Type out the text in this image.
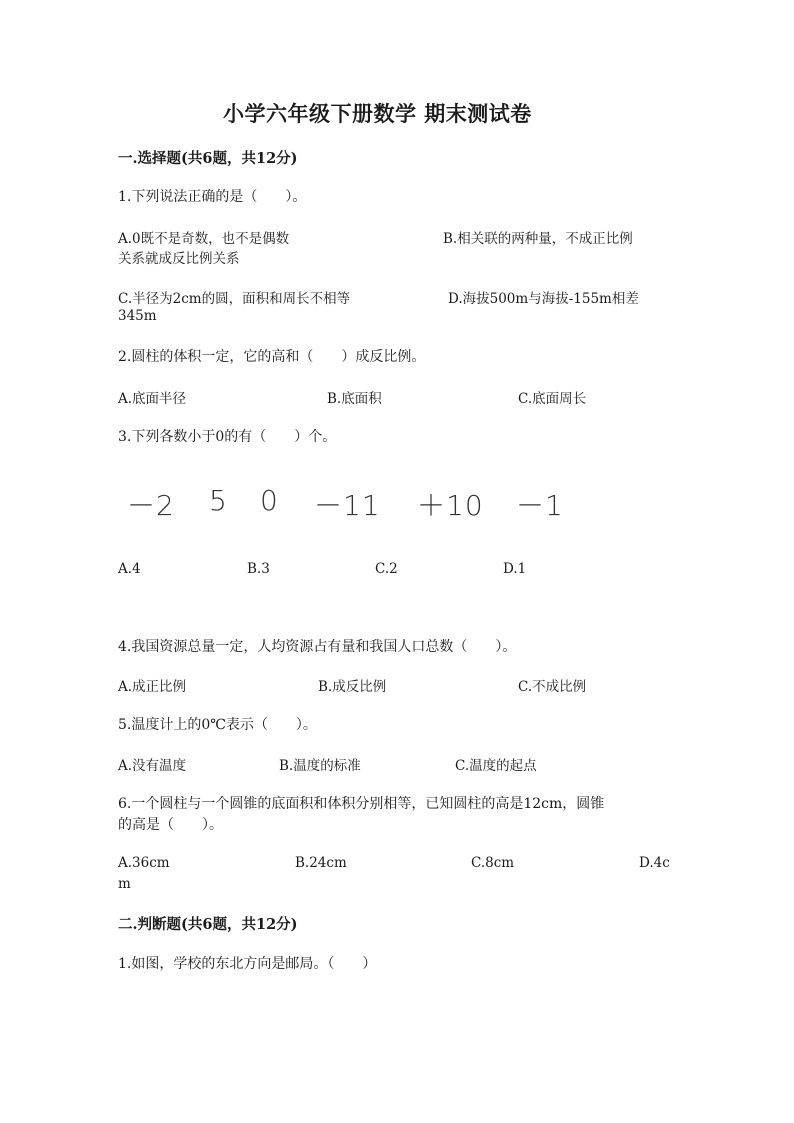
小学六年级下册数学 期末测试卷
一.选择题(共6题，共12分)
1.下列说法正确的是（　　）。
A.0既不是奇数，也不是偶数	B.相关联的两种量，不成正比例
关系就成反比例关系
C.半径为2cm的圆，面积和周长不相等	D.海拔500m与海拔-155m相差
345m
2.圆柱的体积一定，它的高和（　　）成反比例。
A.底面半径	B.底面积	C.底面周长
3.下列各数小于0的有（　　）个。
－2 5 0 －11 ＋10 －1
A.4	B.3	C.2	D.1
4.我国资源总量一定，人均资源占有量和我国人口总数（　　）。
A.成正比例	B.成反比例	C.不成比例
5.温度计上的0℃表示（　　）。
A.没有温度	B.温度的标准	C.温度的起点
6.一个圆柱与一个圆锥的底面积和体积分别相等，已知圆柱的高是12cm，圆锥
的高是（　　）。
A.36cm	B.24cm	C.8cm	D.4c
m
二.判断题(共6题，共12分)
1.如图，学校的东北方向是邮局。（　　）
